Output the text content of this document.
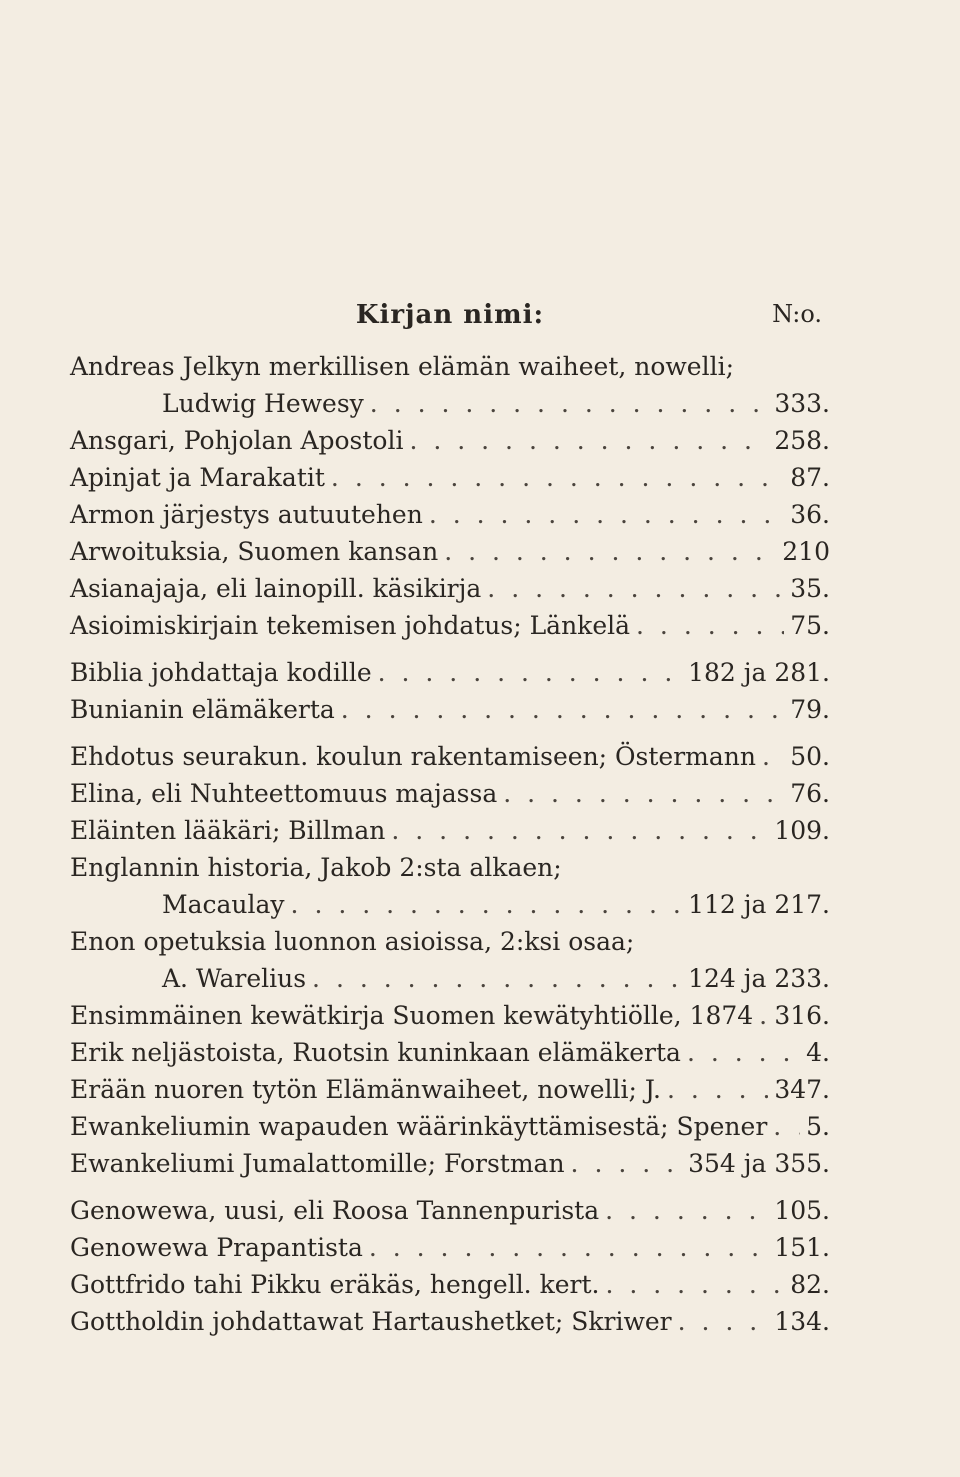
Kirjan nimi:	N:o.
Andreas Jelkyn merkillisen elämän waiheet, nowelli;
Ludwig Hewesy . . .	333.
Ansgari, Pohjolan Apostoli . . .	258.
Apinjat ja Marakatit . . .	87.
Armon järjestys autuutehen . . .	36.
Arwoituksia, Suomen kansan . . .	210
Asianajaja, eli lainopill. käsikirja . . .	35.
Asioimiskirjain tekemisen johdatus; Länkelä . . .	75.
Biblia johdattaja kodille . . .	182 ja 281.
Bunianin elämäkerta . . .	79.
Ehdotus seurakun. koulun rakentamiseen; Östermann . . . 50.
Elina, eli Nuhteettomuus majassa . . .	76.
Eläinten lääkäri; Billman . . .	109.
Englannin historia, Jakob 2:sta alkaen;
Macaulay . . .	112 ja 217.
Enon opetuksia luonnon asioissa, 2:ksi osaa;
A. Warelius . . .	124 ja 233.
Ensimmäinen kewätkirja Suomen kewätyhtiölle, 1874 . . . 316.
Erik neljästoista, Ruotsin kuninkaan elämäkerta . . .	4.
Erään nuoren tytön Elämänwaiheet, nowelli; J. . . .	347.
Ewankeliumin wapauden wäärinkäyttämisestä; Spener . . . 5.
Ewankeliumi Jumalattomille; Forstman . . .	354 ja 355.
Genowewa, uusi, eli Roosa Tannenpurista . . .	105.
Genowewa Prapantista . . .	151.
Gottfrido tahi Pikku eräkäs, hengell. kert. . . .	82.
Gottholdin johdattawat Hartaushetket; Skriwer . . .	134.
